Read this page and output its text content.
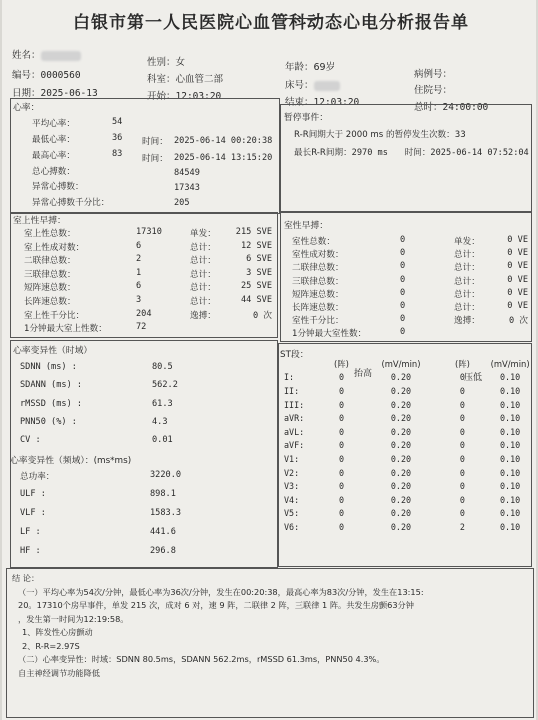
白银市第一人民医院心血管科动态心电分析报告单
姓名：
性别：女	年龄：69岁
病例号：
编号：0000560	科室：心血管二部
床号：	住院号：
日期：2025-06-13	开始：12:03:20
结束：12:03:20	总时：24:00:00
心率：
平均心率：	54
最低心率：	36 时间： 2025-06-14 00:20:38
最高心率：	83 时间： 2025-06-14 13:15:20
总心搏数：	84549
异常心搏数：	17343
异常心搏数千分比：	205
暂停事件：
R-R间期大于 2000 ms 的暂停发生次数：33
最长R-R间期：2970 ms 时间：2025-06-14 07:52:04
室上性早搏：
室上性总数：	17310	单发：	215 SVE
室上性成对数：	6	总计：	12 SVE
二联律总数：	2	总计：	6 SVE
三联律总数：	1	总计：	3 SVE
短阵速总数：	6	总计：	25 SVE
长阵速总数：	3	总计：	44 SVE
室上性千分比：	204	逸搏：	0 次
1分钟最大室上性数：	72
室性早搏：
室性总数：	0	单发：	0 VE
室性成对数：	0	总计：	0 VE
二联律总数：	0	总计：	0 VE
三联律总数：	0	总计：	0 VE
短阵速总数：	0	总计：	0 VE
长阵速总数：	0	总计：	0 VE
室性千分比：	0	逸搏：	0 次
1分钟最大室性数：	0
心率变异性（时域）
SDNN (ms) :	80.5
SDANN (ms) :	562.2
rMSSD (ms) :	61.3
PNN50 (%) :	4.3
CV :	0.01
心率变异性（频域）：(ms*ms)
总功率：	3220.0
ULF :	898.1
VLF :	1583.3
LF :	441.6
HF :	296.8
ST段：
抬高	压低
	(阵)	(mV/min)	(阵)	(mV/min)
I:	0	0.20	0	0.10
II:	0	0.20	0	0.10
III:	0	0.20	0	0.10
aVR:	0	0.20	0	0.10
aVL:	0	0.20	0	0.10
aVF:	0	0.20	0	0.10
V1:	0	0.20	0	0.10
V2:	0	0.20	0	0.10
V3:	0	0.20	0	0.10
V4:	0	0.20	0	0.10
V5:	0	0.20	0	0.10
V6:	0	0.20	2	0.10
结 论：
（一）平均心率为54次/分钟，最低心率为36次/分钟，发生在00:20:38，最高心率为83次/分钟，发生在13:15:
20。17310个房早事件，单发 215 次，成对 6 对，速 9 阵，二联律 2 阵，三联律 1 阵。共发生房颤63分钟
，发生第一时间为12:19:58。
1、阵发性心房颤动
2、R-R=2.97S
（二）心率变异性：时域：SDNN 80.5ms，SDANN 562.2ms，rMSSD 61.3ms，PNN50 4.3%。
自主神经调节功能降低
